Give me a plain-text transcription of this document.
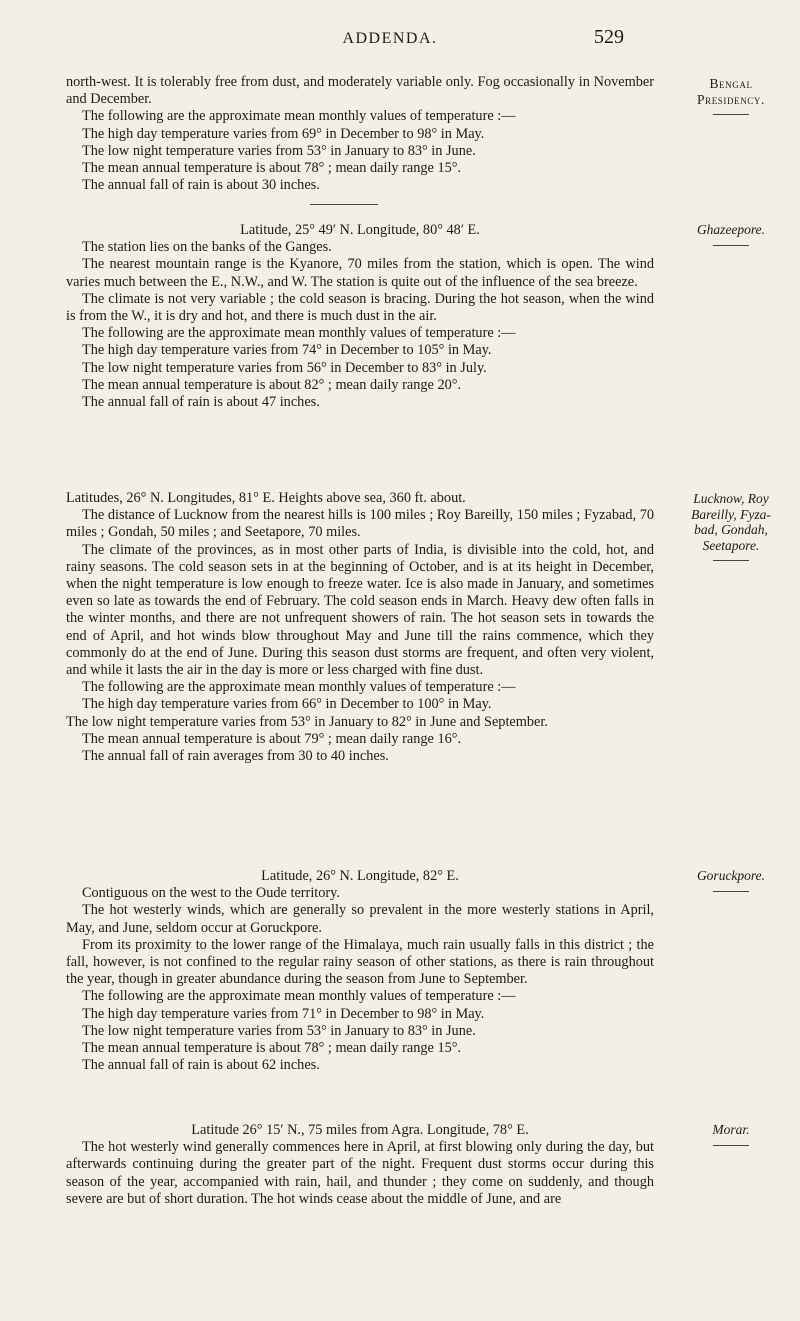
ADDENDA.	529
Bengal
Presidency.
Ghazeepore.
Lucknow, Roy
Bareilly, Fyza-
bad, Gondah,
Seetapore.
Goruckpore.
Morar.

north-west. It is tolerably free from dust, and moderately variable only. Fog occasionally in November and December.

The following are the approximate mean monthly values of temperature :—

The high day temperature varies from 69° in December to 98° in May.

The low night temperature varies from 53° in January to 83° in June.

The mean annual temperature is about 78° ; mean daily range 15°.

The annual fall of rain is about 30 inches.

Latitude, 25° 49′ N. Longitude, 80° 48′ E.

The station lies on the banks of the Ganges.

The nearest mountain range is the Kyanore, 70 miles from the station, which is open. The wind varies much between the E., N.W., and W. The station is quite out of the influence of the sea breeze.

The climate is not very variable ; the cold season is bracing. During the hot season, when the wind is from the W., it is dry and hot, and there is much dust in the air.

The following are the approximate mean monthly values of temperature :—

The high day temperature varies from 74° in December to 105° in May.

The low night temperature varies from 56° in December to 83° in July.

The mean annual temperature is about 82° ; mean daily range 20°.

The annual fall of rain is about 47 inches.

Latitudes, 26° N. Longitudes, 81° E. Heights above sea, 360 ft. about.

The distance of Lucknow from the nearest hills is 100 miles ; Roy Bareilly, 150 miles ; Fyzabad, 70 miles ; Gondah, 50 miles ; and Seetapore, 70 miles.

The climate of the provinces, as in most other parts of India, is divisible into the cold, hot, and rainy seasons. The cold season sets in at the beginning of October, and is at its height in December, when the night temperature is low enough to freeze water. Ice is also made in January, and sometimes even so late as towards the end of February. The cold season ends in March. Heavy dew often falls in the winter months, and there are not unfrequent showers of rain. The hot season sets in towards the end of April, and hot winds blow throughout May and June till the rains commence, which they commonly do at the end of June. During this season dust storms are frequent, and often very violent, and while it lasts the air in the day is more or less charged with fine dust.

The following are the approximate mean monthly values of temperature :—

The high day temperature varies from 66° in December to 100° in May.

The low night temperature varies from 53° in January to 82° in June and September.

The mean annual temperature is about 79° ; mean daily range 16°.

The annual fall of rain averages from 30 to 40 inches.

Latitude, 26° N. Longitude, 82° E.

Contiguous on the west to the Oude territory.

The hot westerly winds, which are generally so prevalent in the more westerly stations in April, May, and June, seldom occur at Goruckpore.

From its proximity to the lower range of the Himalaya, much rain usually falls in this district ; the fall, however, is not confined to the regular rainy season of other stations, as there is rain throughout the year, though in greater abundance during the season from June to September.

The following are the approximate mean monthly values of temperature :—

The high day temperature varies from 71° in December to 98° in May.

The low night temperature varies from 53° in January to 83° in June.

The mean annual temperature is about 78° ; mean daily range 15°.

The annual fall of rain is about 62 inches.

Latitude 26° 15′ N., 75 miles from Agra. Longitude, 78° E.

The hot westerly wind generally commences here in April, at first blowing only during the day, but afterwards continuing during the greater part of the night. Frequent dust storms occur during this season of the year, accompanied with rain, hail, and thunder ; they come on suddenly, and though severe are but of short duration. The hot winds cease about the middle of June, and are
